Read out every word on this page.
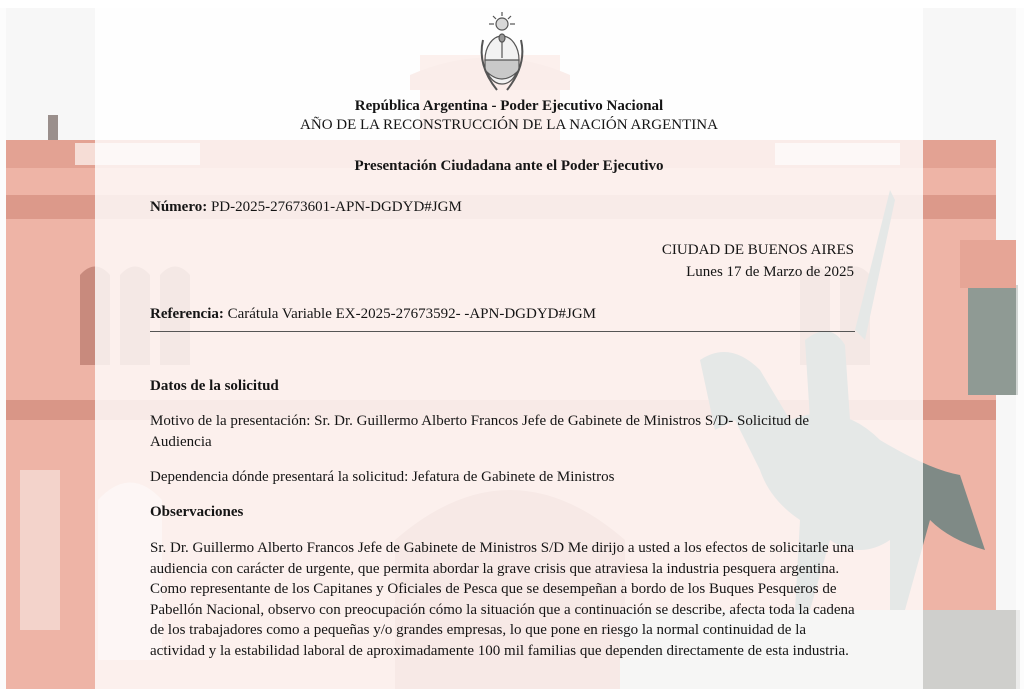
República Argentina - Poder Ejecutivo Nacional
AÑO DE LA RECONSTRUCCIÓN DE LA NACIÓN ARGENTINA
Presentación Ciudadana ante el Poder Ejecutivo
Número: PD-2025-27673601-APN-DGDYD#JGM
CIUDAD DE BUENOS AIRES
Lunes 17 de Marzo de 2025
Referencia: Carátula Variable EX-2025-27673592- -APN-DGDYD#JGM
Datos de la solicitud
Motivo de la presentación: Sr. Dr. Guillermo Alberto Francos Jefe de Gabinete de Ministros S/D- Solicitud de Audiencia
Dependencia dónde presentará la solicitud: Jefatura de Gabinete de Ministros
Observaciones
Sr. Dr. Guillermo Alberto Francos Jefe de Gabinete de Ministros S/D Me dirijo a usted a los efectos de solicitarle una audiencia con carácter de urgente, que permita abordar la grave crisis que atraviesa la industria pesquera argentina. Como representante de los Capitanes y Oficiales de Pesca que se desempeñan a bordo de los Buques Pesqueros de Pabellón Nacional, observo con preocupación cómo la situación que a continuación se describe, afecta toda la cadena de los trabajadores como a pequeñas y/o grandes empresas, lo que pone en riesgo la normal continuidad de la actividad y la estabilidad laboral de aproximadamente 100 mil familias que dependen directamente de esta industria.
